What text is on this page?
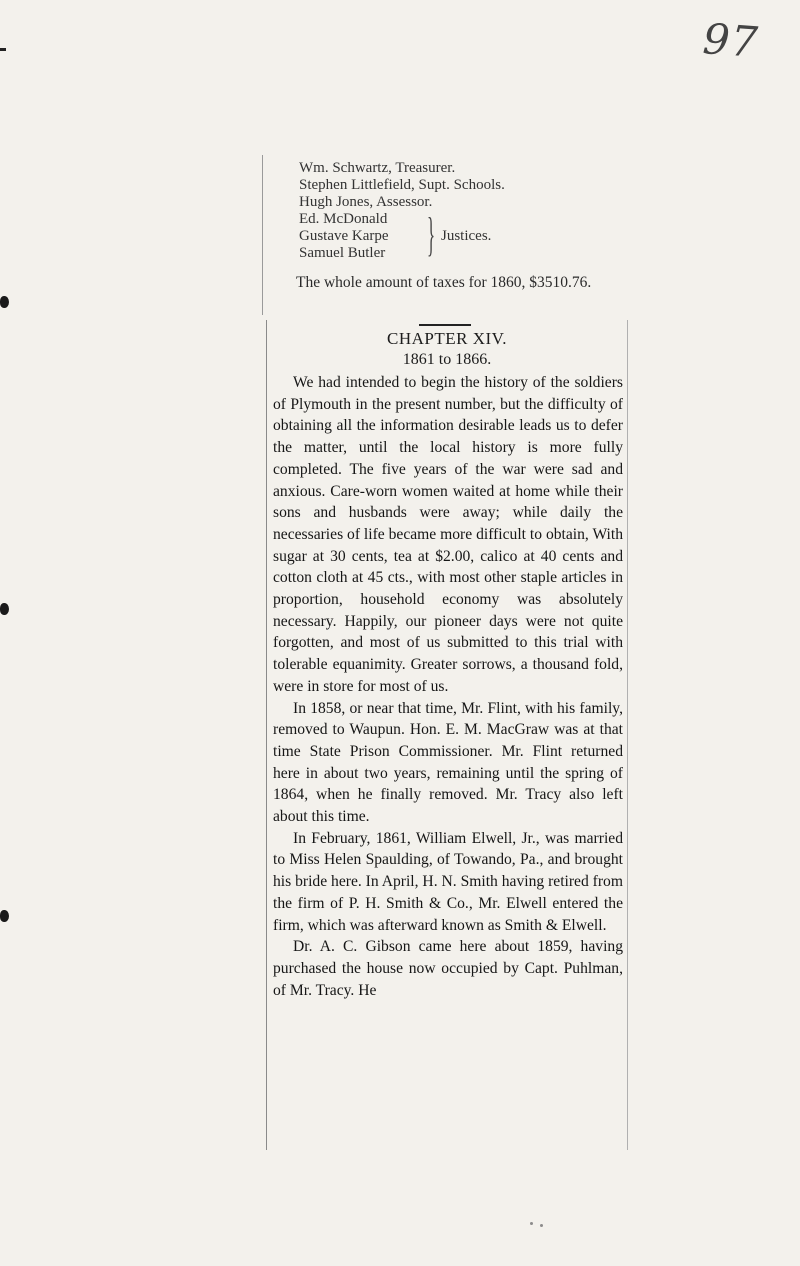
97
Wm. Schwartz, Treasurer.
Stephen Littlefield, Supt. Schools.
Hugh Jones, Assessor.
Ed. McDonald
Gustave Karpe
Samuel Butler } Justices.
The whole amount of taxes for 1860, $3510.76.
CHAPTER XIV.
1861 to 1866.

We had intended to begin the history of the soldiers of Plymouth in the present number, but the difficulty of obtaining all the information desirable leads us to defer the matter, until the local history is more fully completed. The five years of the war were sad and anxious. Care-worn women waited at home while their sons and husbands were away; while daily the necessaries of life became more difficult to obtain, With sugar at 30 cents, tea at $2.00, calico at 40 cents and cotton cloth at 45 cts., with most other staple articles in proportion, household economy was absolutely necessary. Happily, our pioneer days were not quite forgotten, and most of us submitted to this trial with tolerable equanimity. Greater sorrows, a thousand fold, were in store for most of us.

In 1858, or near that time, Mr. Flint, with his family, removed to Waupun. Hon. E. M. MacGraw was at that time State Prison Commissioner. Mr. Flint returned here in about two years, remaining until the spring of 1864, when he finally removed. Mr. Tracy also left about this time.

In February, 1861, William Elwell, Jr., was married to Miss Helen Spaulding, of Towando, Pa., and brought his bride here. In April, H. N. Smith having retired from the firm of P. H. Smith & Co., Mr. Elwell entered the firm, which was afterward known as Smith & Elwell.

Dr. A. C. Gibson came here about 1859, having purchased the house now occupied by Capt. Puhlman, of Mr. Tracy. He
